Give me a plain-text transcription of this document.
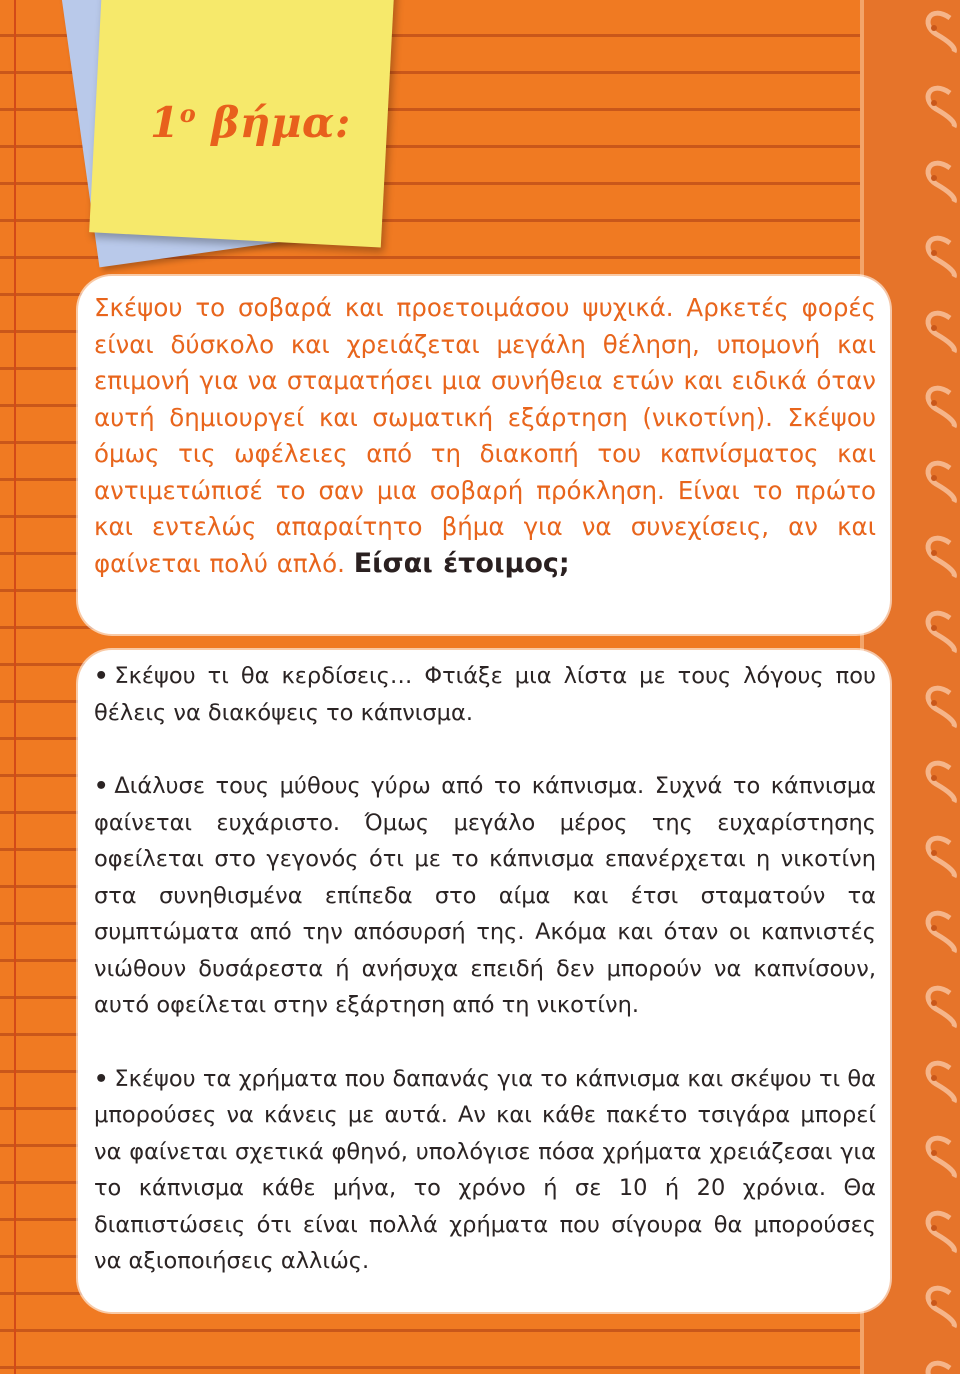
$1^o$ βήμα:
Σκέψου το σοβαρά και προετοιμάσου ψυχικά. Αρκετές φορές είναι δύσκολο και χρειάζεται μεγάλη θέληση, υπομονή και επιμονή για να σταματήσει μια συνήθεια ετών και ειδικά όταν αυτή δημιουργεί και σωματική εξάρτηση (νικοτίνη). Σκέψου όμως τις ωφέλειες από τη διακοπή του καπνίσματος και αντιμετώπισέ το σαν μια σοβαρή πρόκληση. Είναι το πρώτο και εντελώς απαραίτητο βήμα για να συνεχίσεις, αν και φαίνεται πολύ απλό. Είσαι έτοιμος;

• Σκέψου τι θα κερδίσεις… Φτιάξε μια λίστα με τους λόγους που θέλεις να διακόψεις το κάπνισμα.

• Διάλυσε τους μύθους γύρω από το κάπνισμα. Συχνά το κάπνισμα φαίνεται ευχάριστο. Όμως μεγάλο μέρος της ευχαρίστησης οφείλεται στο γεγονός ότι με το κάπνισμα επανέρχεται η νικοτίνη στα συνηθισμένα επίπεδα στο αίμα και έτσι σταματούν τα συμπτώματα από την απόσυρσή της. Ακόμα και όταν οι καπνιστές νιώθουν δυσάρεστα ή ανήσυχα επειδή δεν μπορούν να καπνίσουν, αυτό οφείλεται στην εξάρτηση από τη νικοτίνη.

• Σκέψου τα χρήματα που δαπανάς για το κάπνισμα και σκέψου τι θα μπορούσες να κάνεις με αυτά. Αν και κάθε πακέτο τσιγάρα μπορεί να φαίνεται σχετικά φθηνό, υπολόγισε πόσα χρήματα χρειάζεσαι για το κάπνισμα κάθε μήνα, το χρόνο ή σε 10 ή 20 χρόνια. Θα διαπιστώσεις ότι είναι πολλά χρήματα που σίγουρα θα μπορούσες να αξιοποιήσεις αλλιώς.
